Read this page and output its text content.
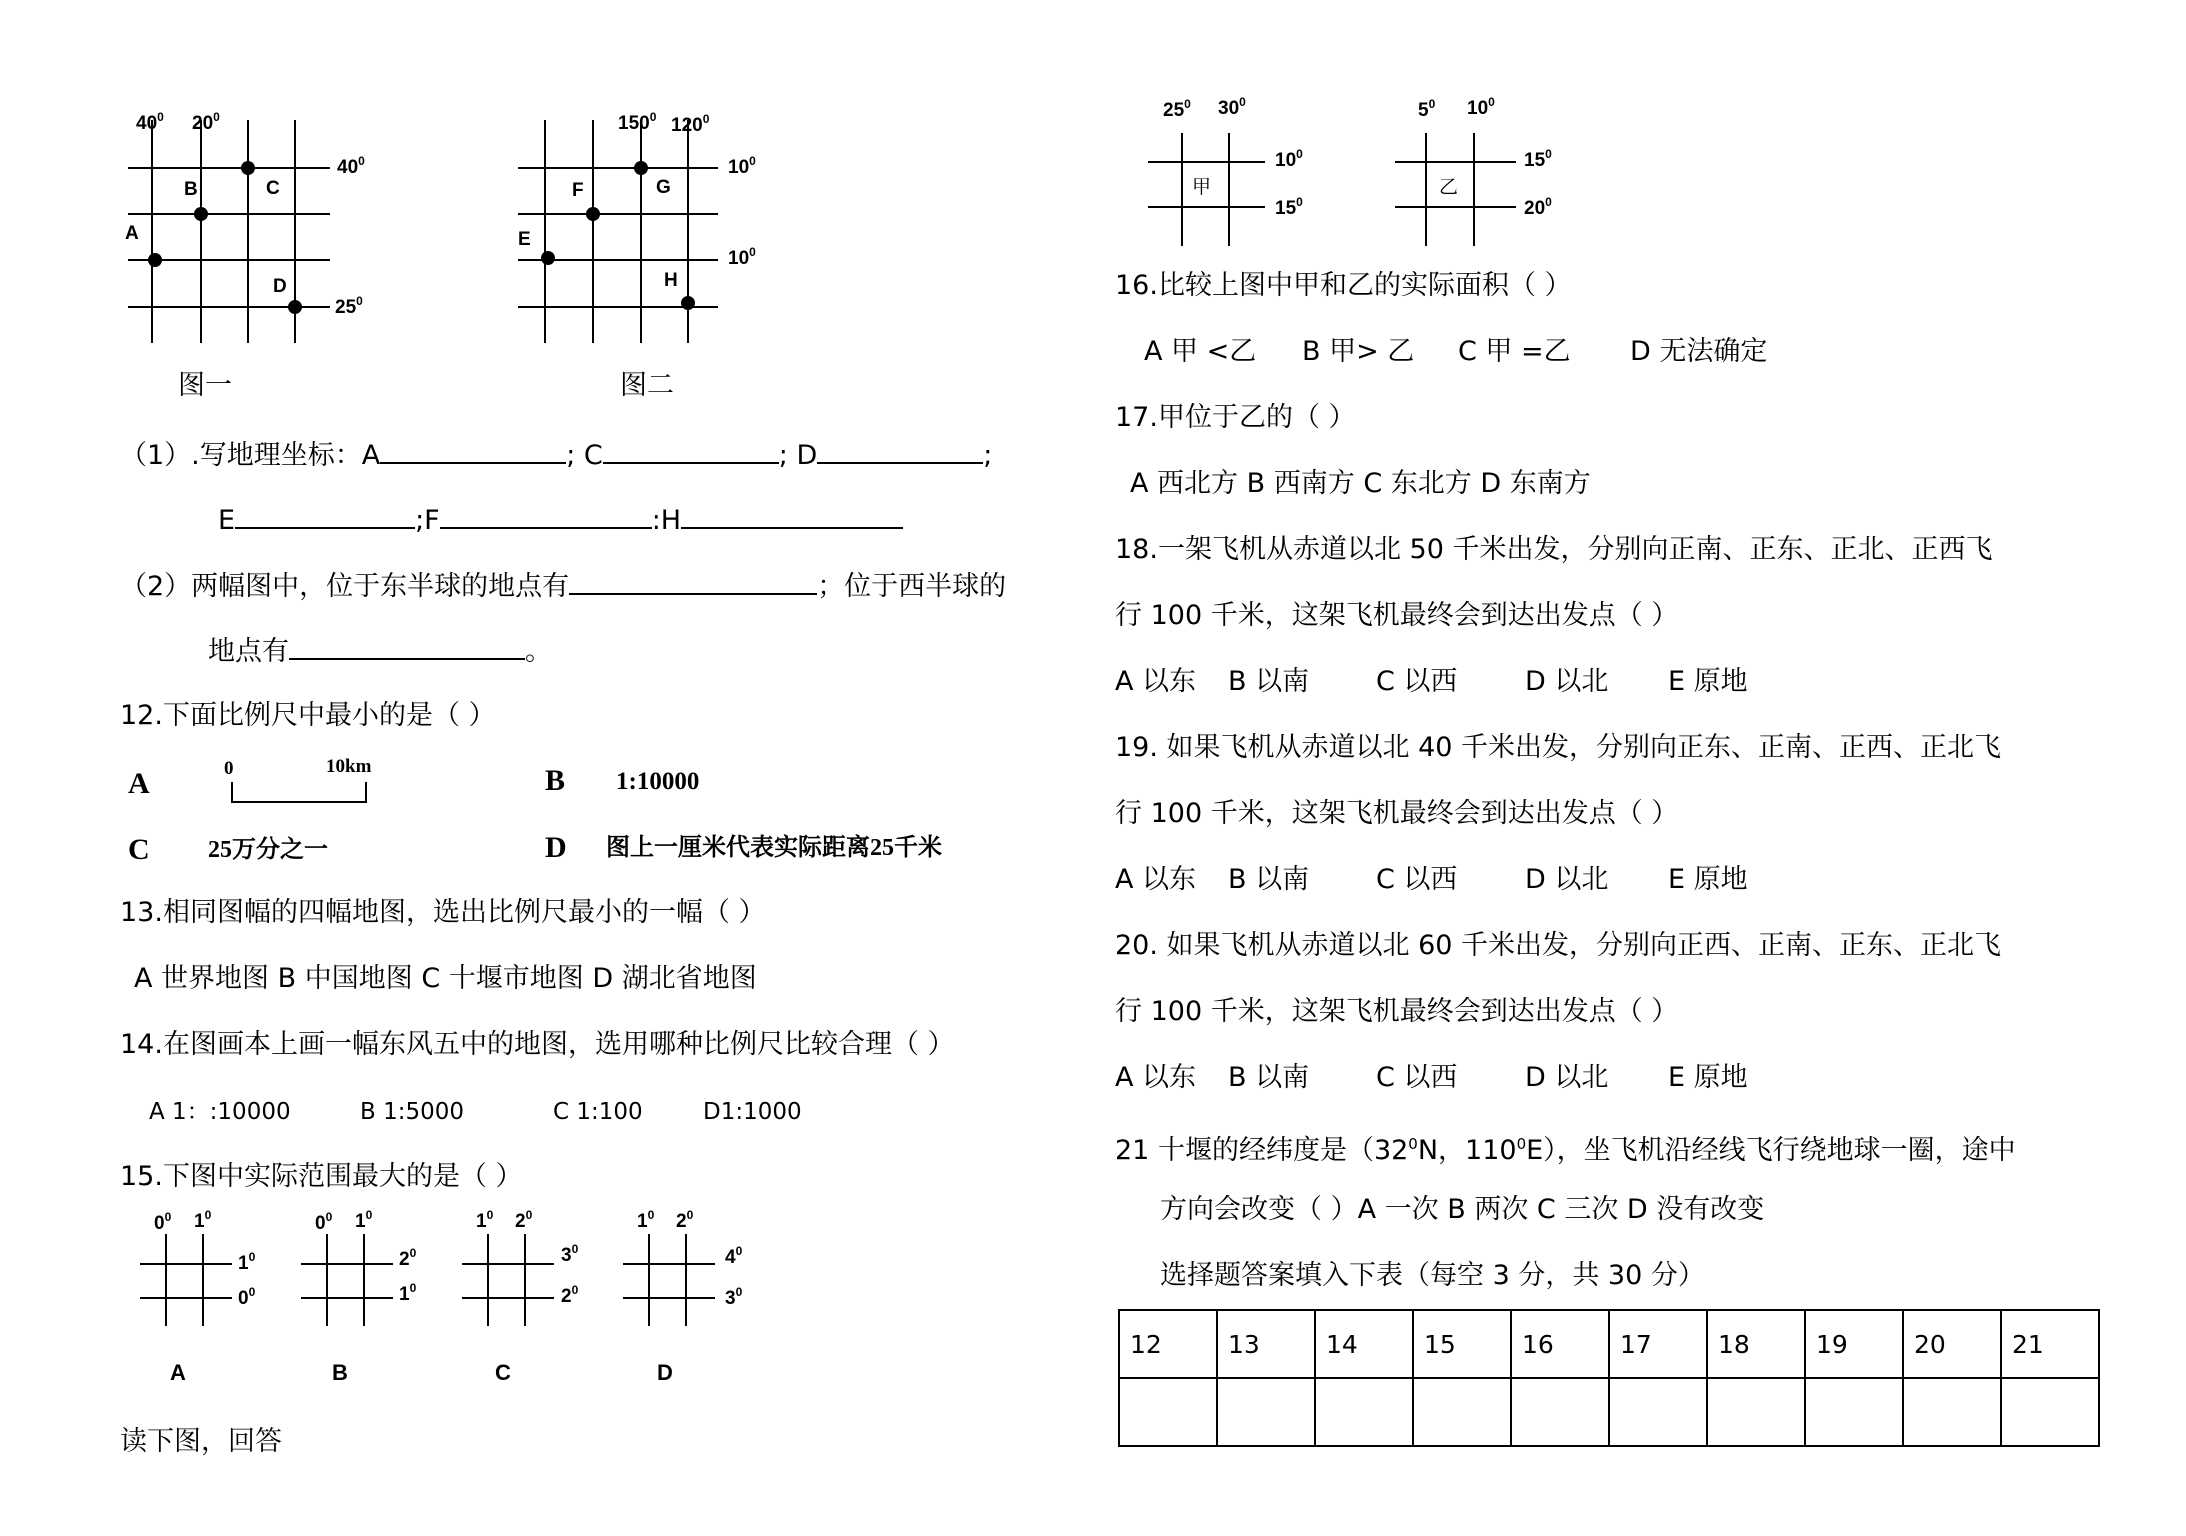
$40^0$ $20^0$
$40^0$
$25^0$
A
B	C
D
图一
$150^0$ $120^0$
$10^0$
$10^0$
E
F	G
H
图二
（1）.写地理坐标：A	; C	; D	;
E	;F	:H
（2）两幅图中，位于东半球的地点有	；位于西半球的
地点有	。
12.下面比例尺中最小的是（ ）
A	0	10km	B 1:10000
C 25万分之一	D 图上一厘米代表实际距离25千米
13.相同图幅的四幅地图，选出比例尺最小的一幅（ ）
A 世界地图 B 中国地图 C 十堰市地图 D 湖北省地图
14.在图画本上画一幅东风五中的地图，选用哪种比例尺比较合理（ ）
A 1：:10000	B 1:5000	C 1:100	D1:1000
15.下图中实际范围最大的是（ ）
$0^0$ $1^0$
$1^0$
$0^0$
A
$0^0$ $1^0$
$2^0$
$1^0$
B
$1^0$ $2^0$
$3^0$
$2^0$
C
$1^0$ $2^0$
$4^0$
$3^0$
D
读下图，回答
$25^0$ $30^0$
$10^0$
$15^0$
甲
$5^0$ $10^0$
$15^0$
$20^0$
乙
16.比较上图中甲和乙的实际面积（ ）
A 甲 <乙 B 甲> 乙 C 甲 =乙 D 无法确定
17.甲位于乙的（ ）
A 西北方 B 西南方 C 东北方 D 东南方
18.一架飞机从赤道以北 50 千米出发，分别向正南、正东、正北、正西飞
行 100 千米，这架飞机最终会到达出发点（ ）
A 以东 B 以南 C 以西	D 以北 E 原地
19. 如果飞机从赤道以北 40 千米出发，分别向正东、正南、正西、正北飞
行 100 千米，这架飞机最终会到达出发点（ ）
A 以东 B 以南 C 以西	D 以北 E 原地
20. 如果飞机从赤道以北 60 千米出发，分别向正西、正南、正东、正北飞
行 100 千米，这架飞机最终会到达出发点（ ）
A 以东 B 以南 C 以西	D 以北 E 原地
21 十堰的经纬度是（$32^0N$，$110^0E$），坐飞机沿经线飞行绕地球一圈，途中
方向会改变（ ）A 一次 B 两次 C 三次 D 没有改变
选择题答案填入下表（每空 3 分，共 30 分）
12	13	14	15	16	17	18	19	20	21
